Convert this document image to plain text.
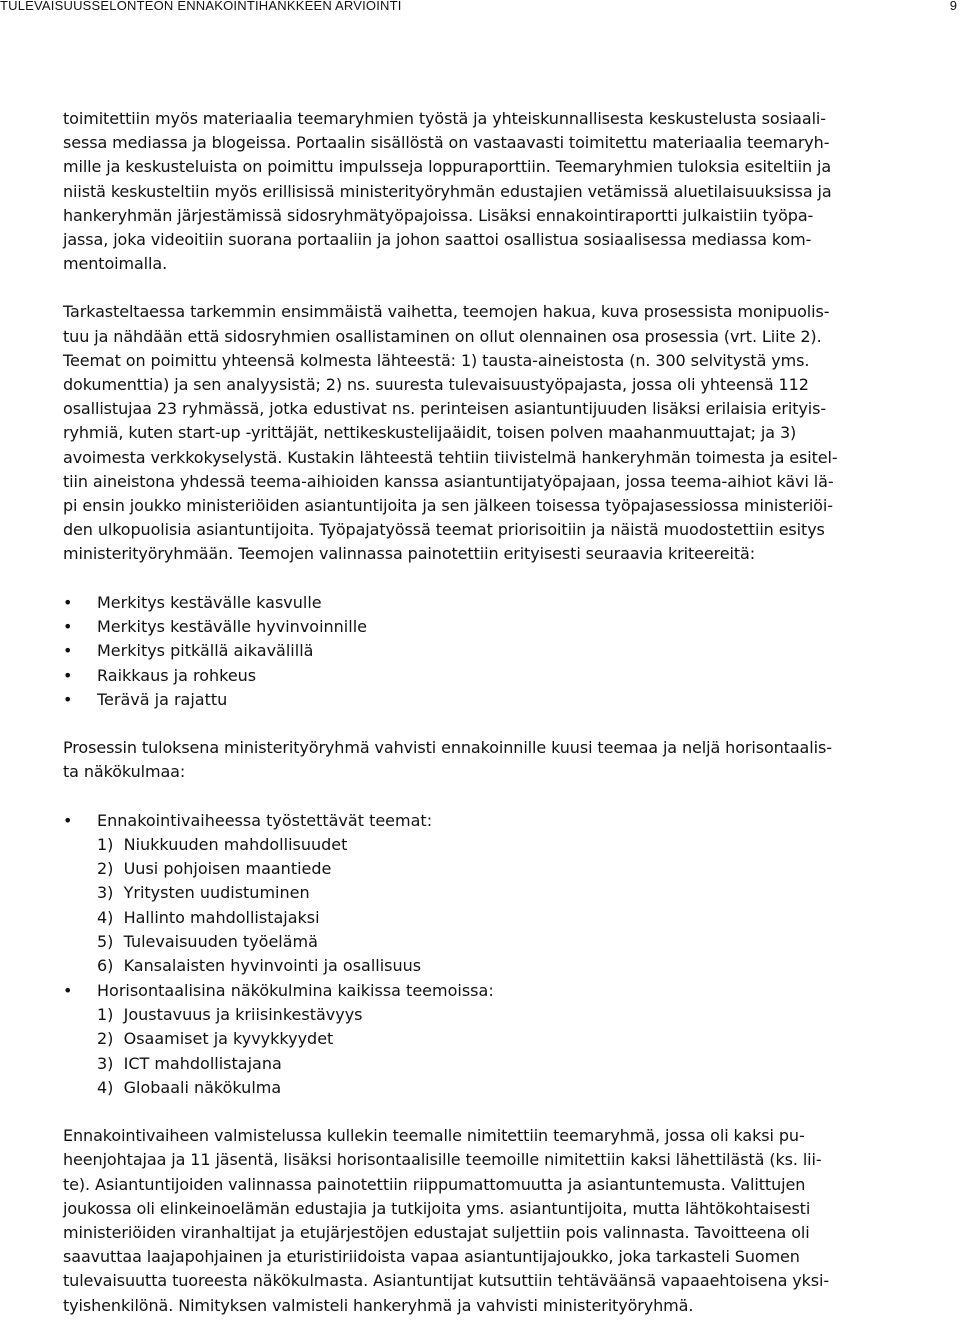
TULEVAISUUSSELONTEON ENNAKOINTIHANKKEEN ARVIOINTI	9

toimitettiin myös materiaalia teemaryhmien työstä ja yhteiskunnallisesta keskustelusta sosiaali-

sessa mediassa ja blogeissa. Portaalin sisällöstä on vastaavasti toimitettu materiaalia teemaryh-

mille ja keskusteluista on poimittu impulsseja loppuraporttiin. Teemaryhmien tuloksia esiteltiin ja

niistä keskusteltiin myös erillisissä ministerityöryhmän edustajien vetämissä aluetilaisuuksissa ja

hankeryhmän järjestämissä sidosryhmätyöpajoissa. Lisäksi ennakointiraportti julkaistiin työpa-

jassa, joka videoitiin suorana portaaliin ja johon saattoi osallistua sosiaalisessa mediassa kom-

mentoimalla.

Tarkasteltaessa tarkemmin ensimmäistä vaihetta, teemojen hakua, kuva prosessista monipuolis-

tuu ja nähdään että sidosryhmien osallistaminen on ollut olennainen osa prosessia (vrt. Liite 2).

Teemat on poimittu yhteensä kolmesta lähteestä: 1) tausta-aineistosta (n. 300 selvitystä yms.

dokumenttia) ja sen analyysistä; 2) ns. suuresta tulevaisuustyöpajasta, jossa oli yhteensä 112

osallistujaa 23 ryhmässä, jotka edustivat ns. perinteisen asiantuntijuuden lisäksi erilaisia erityis-

ryhmiä, kuten start-up -yrittäjät, nettikeskustelijaäidit, toisen polven maahanmuuttajat; ja 3)

avoimesta verkkokyselystä. Kustakin lähteestä tehtiin tiivistelmä hankeryhmän toimesta ja esitel-

tiin aineistona yhdessä teema-aihioiden kanssa asiantuntijatyöpajaan, jossa teema-aihiot kävi lä-

pi ensin joukko ministeriöiden asiantuntijoita ja sen jälkeen toisessa työpajasessiossa ministeriöi-

den ulkopuolisia asiantuntijoita. Työpajatyössä teemat priorisoitiin ja näistä muodostettiin esitys

ministerityöryhmään. Teemojen valinnassa painotettiin erityisesti seuraavia kriteereitä:

•	Merkitys kestävälle kasvulle
•	Merkitys kestävälle hyvinvoinnille
•	Merkitys pitkällä aikavälillä
•	Raikkaus ja rohkeus
•	Terävä ja rajattu

Prosessin tuloksena ministerityöryhmä vahvisti ennakoinnille kuusi teemaa ja neljä horisontaalis-

ta näkökulmaa:

•	Ennakointivaiheessa työstettävät teemat:
1)  Niukkuuden mahdollisuudet
2)  Uusi pohjoisen maantiede
3)  Yritysten uudistuminen
4)  Hallinto mahdollistajaksi
5)  Tulevaisuuden työelämä
6)  Kansalaisten hyvinvointi ja osallisuus
•	Horisontaalisina näkökulmina kaikissa teemoissa:
1)  Joustavuus ja kriisinkestävyys
2)  Osaamiset ja kyvykkyydet
3)  ICT mahdollistajana
4)  Globaali näkökulma

Ennakointivaiheen valmistelussa kullekin teemalle nimitettiin teemaryhmä, jossa oli kaksi pu-

heenjohtajaa ja 11 jäsentä, lisäksi horisontaalisille teemoille nimitettiin kaksi lähettilästä (ks. lii-

te). Asiantuntijoiden valinnassa painotettiin riippumattomuutta ja asiantuntemusta. Valittujen

joukossa oli elinkeinoelämän edustajia ja tutkijoita yms. asiantuntijoita, mutta lähtökohtaisesti

ministeriöiden viranhaltijat ja etujärjestöjen edustajat suljettiin pois valinnasta. Tavoitteena oli

saavuttaa laajapohjainen ja eturistiriidoista vapaa asiantuntijajoukko, joka tarkasteli Suomen

tulevaisuutta tuoreesta näkökulmasta. Asiantuntijat kutsuttiin tehtäväänsä vapaaehtoisena yksi-

tyishenkilönä. Nimityksen valmisteli hankeryhmä ja vahvisti ministerityöryhmä.
